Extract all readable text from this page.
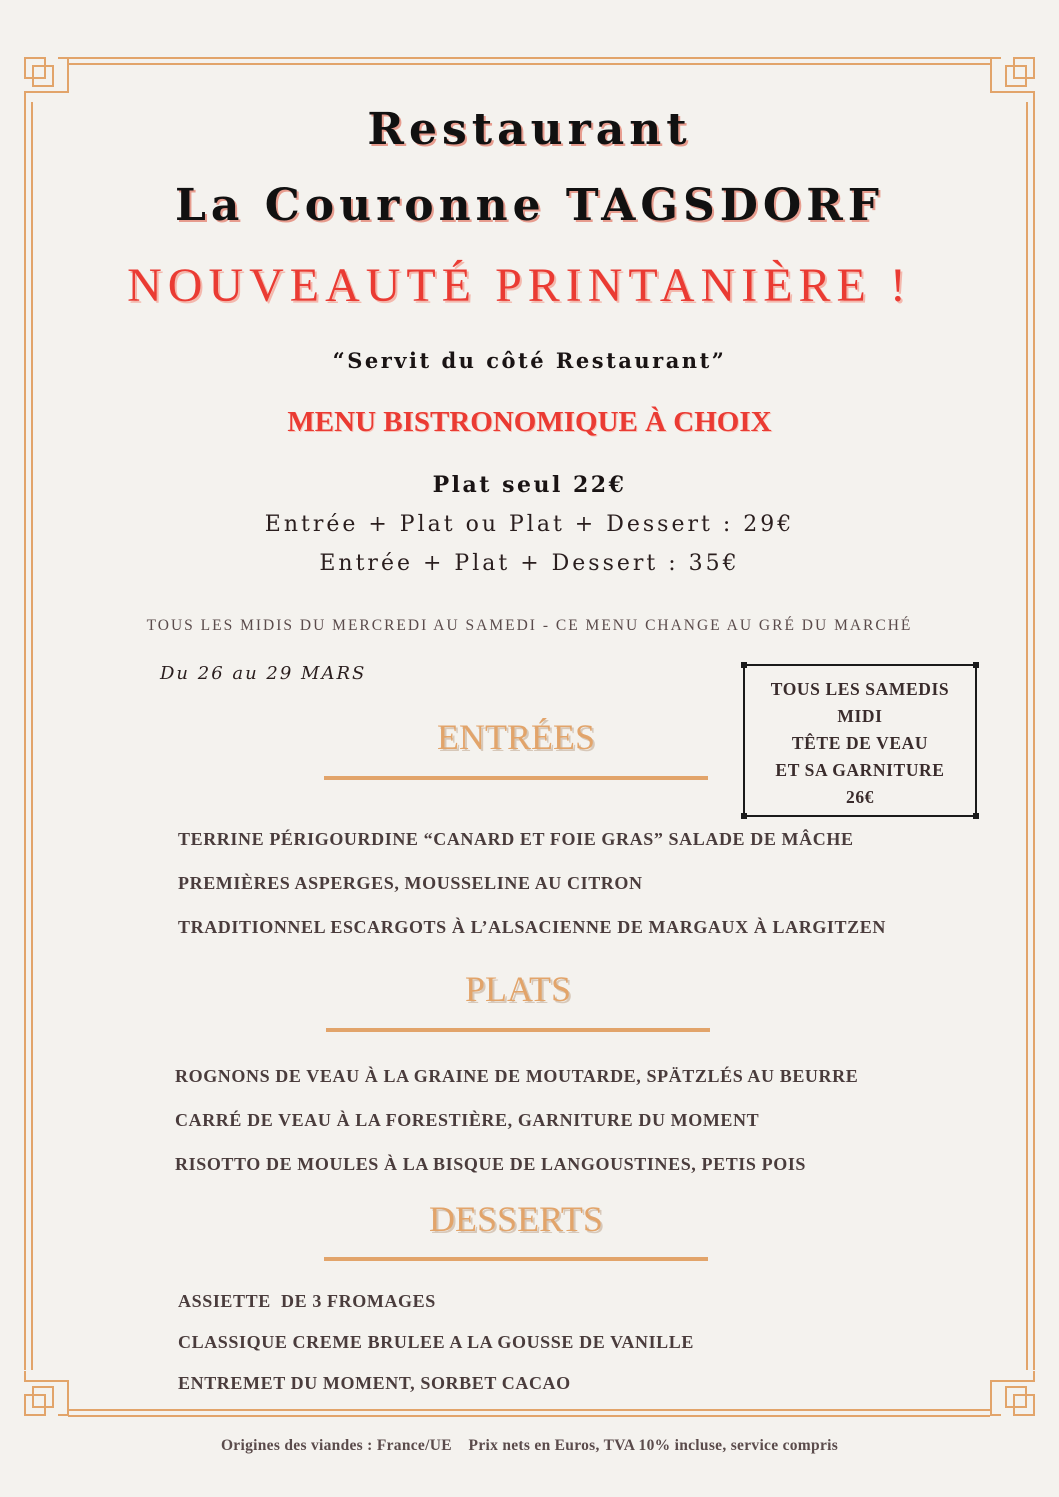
Restaurant
La Couronne TAGSDORF
NOUVEAUTÉ PRINTANIÈRE !
“Servit du côté Restaurant”
MENU BISTRONOMIQUE À CHOIX
Plat seul 22€
Entrée + Plat ou Plat + Dessert : 29€
Entrée + Plat + Dessert : 35€
TOUS LES MIDIS DU MERCREDI AU SAMEDI - CE MENU CHANGE AU GRÉ DU MARCHÉ
Du 26 au 29 MARS
TOUS LES SAMEDIS
MIDI
TÊTE DE VEAU
ET SA GARNITURE
26€
ENTRÉES
TERRINE PÉRIGOURDINE “CANARD ET FOIE GRAS” SALADE DE MÂCHE
PREMIÈRES ASPERGES, MOUSSELINE AU CITRON
TRADITIONNEL ESCARGOTS À L’ALSACIENNE DE MARGAUX À LARGITZEN
PLATS
ROGNONS DE VEAU À LA GRAINE DE MOUTARDE, SPÄTZLÉS AU BEURRE
CARRÉ DE VEAU À LA FORESTIÈRE, GARNITURE DU MOMENT
RISOTTO DE MOULES À LA BISQUE DE LANGOUSTINES, PETIS POIS
DESSERTS
ASSIETTE  DE 3 FROMAGES
CLASSIQUE CREME BRULEE A LA GOUSSE DE VANILLE
ENTREMET DU MOMENT, SORBET CACAO
Origines des viandes : France/UE Prix nets en Euros, TVA 10% incluse, service compris
